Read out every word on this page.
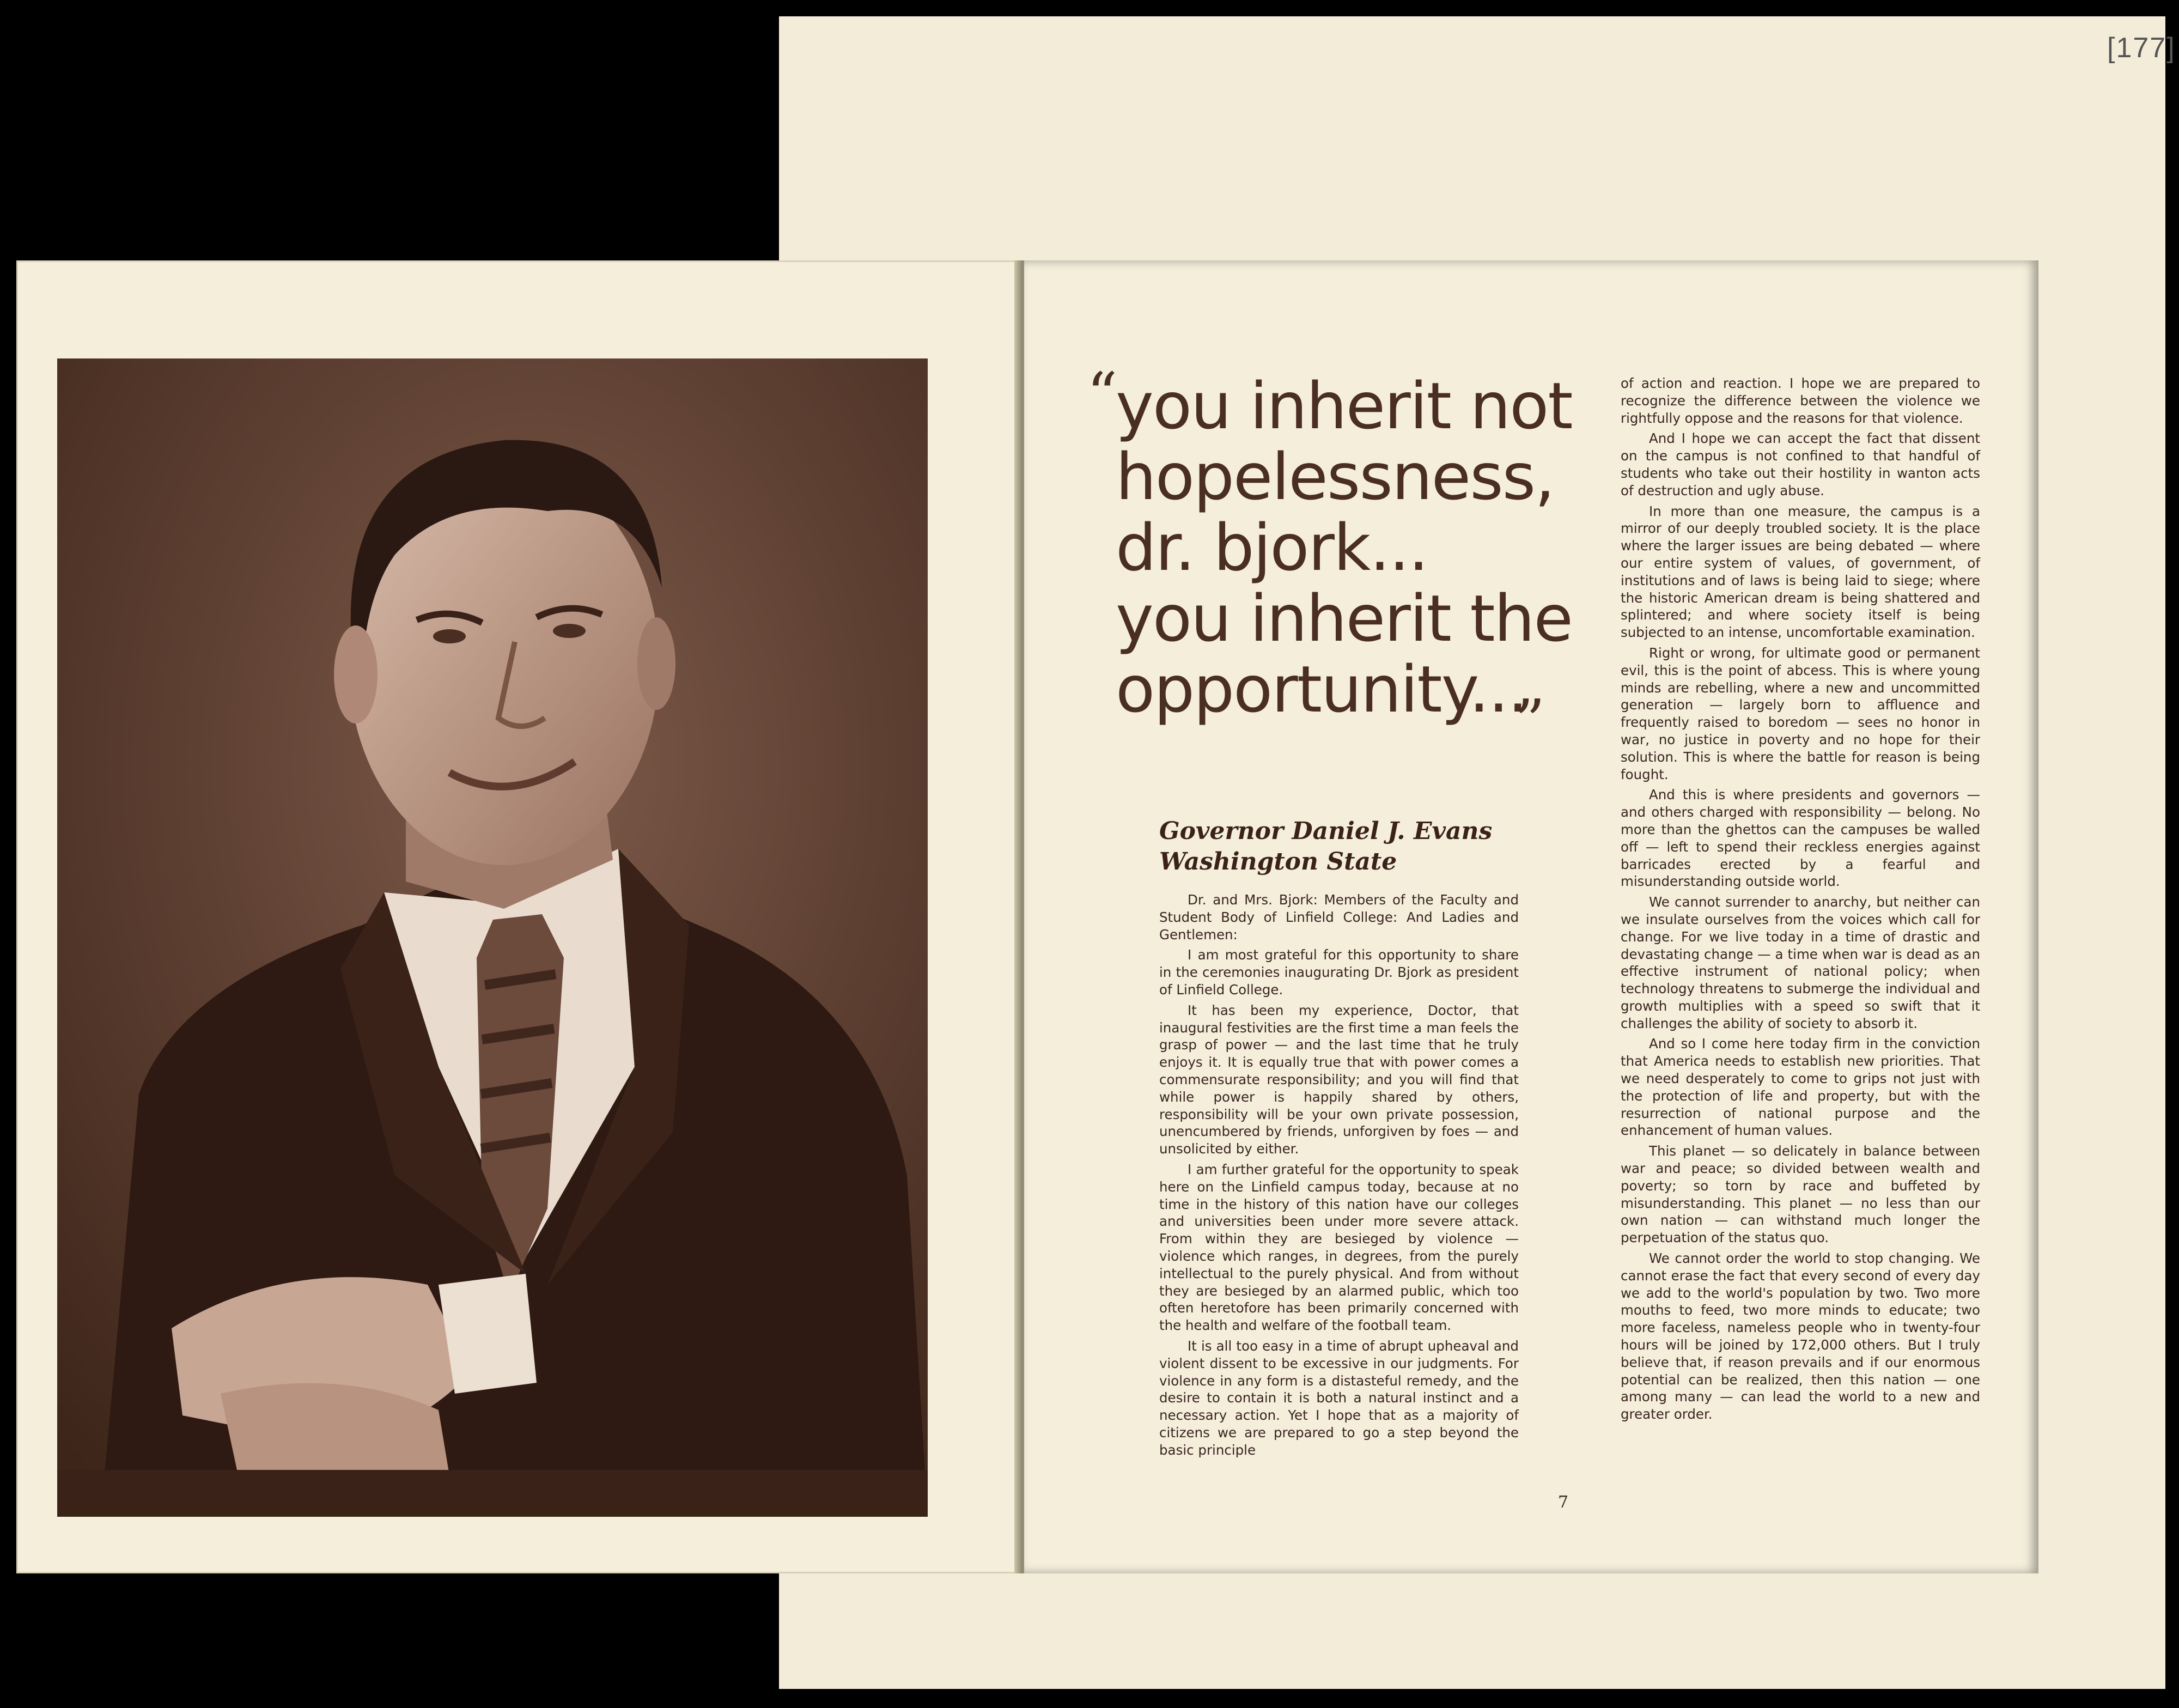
[177]
“
you inherit not
hopelessness,
dr. bjork...
you inherit the
opportunity...
”
Governor Daniel J. Evans
Washington State

Dr. and Mrs. Bjork: Members of the Faculty and Student Body of Linfield College: And Ladies and Gentlemen:

I am most grateful for this opportunity to share in the ceremonies inaugurating Dr. Bjork as president of Linfield College.

It has been my experience, Doctor, that inaugural festivities are the first time a man feels the grasp of power — and the last time that he truly enjoys it. It is equally true that with power comes a commensurate responsibility; and you will find that while power is happily shared by others, responsibility will be your own private possession, unencumbered by friends, unforgiven by foes — and unsolicited by either.

I am further grateful for the opportunity to speak here on the Linfield campus today, because at no time in the history of this nation have our colleges and universities been under more severe attack. From within they are besieged by violence — violence which ranges, in degrees, from the purely intellectual to the purely physical. And from without they are besieged by an alarmed public, which too often heretofore has been primarily concerned with the health and welfare of the football team.

It is all too easy in a time of abrupt upheaval and violent dissent to be excessive in our judgments. For violence in any form is a distasteful remedy, and the desire to contain it is both a natural instinct and a necessary action. Yet I hope that as a majority of citizens we are prepared to go a step beyond the basic principle

of action and reaction. I hope we are prepared to recognize the difference between the violence we rightfully oppose and the reasons for that violence.

And I hope we can accept the fact that dissent on the campus is not confined to that handful of students who take out their hostility in wanton acts of destruction and ugly abuse.

In more than one measure, the campus is a mirror of our deeply troubled society. It is the place where the larger issues are being debated — where our entire system of values, of government, of institutions and of laws is being laid to siege; where the historic American dream is being shattered and splintered; and where society itself is being subjected to an intense, uncomfortable examination.

Right or wrong, for ultimate good or permanent evil, this is the point of abcess. This is where young minds are rebelling, where a new and uncommitted generation — largely born to affluence and frequently raised to boredom — sees no honor in war, no justice in poverty and no hope for their solution. This is where the battle for reason is being fought.

And this is where presidents and governors — and others charged with responsibility — belong. No more than the ghettos can the campuses be walled off — left to spend their reckless energies against barricades erected by a fearful and misunderstanding outside world.

We cannot surrender to anarchy, but neither can we insulate ourselves from the voices which call for change. For we live today in a time of drastic and devastating change — a time when war is dead as an effective instrument of national policy; when technology threatens to submerge the individual and growth multiplies with a speed so swift that it challenges the ability of society to absorb it.

And so I come here today firm in the conviction that America needs to establish new priorities. That we need desperately to come to grips not just with the protection of life and property, but with the resurrection of national purpose and the enhancement of human values.

This planet — so delicately in balance between war and peace; so divided between wealth and poverty; so torn by race and buffeted by misunderstanding. This planet — no less than our own nation — can withstand much longer the perpetuation of the status quo.

We cannot order the world to stop changing. We cannot erase the fact that every second of every day we add to the world's population by two. Two more mouths to feed, two more minds to educate; two more faceless, nameless people who in twenty-four hours will be joined by 172,000 others. But I truly believe that, if reason prevails and if our enormous potential can be realized, then this nation — one among many — can lead the world to a new and greater order.

7
